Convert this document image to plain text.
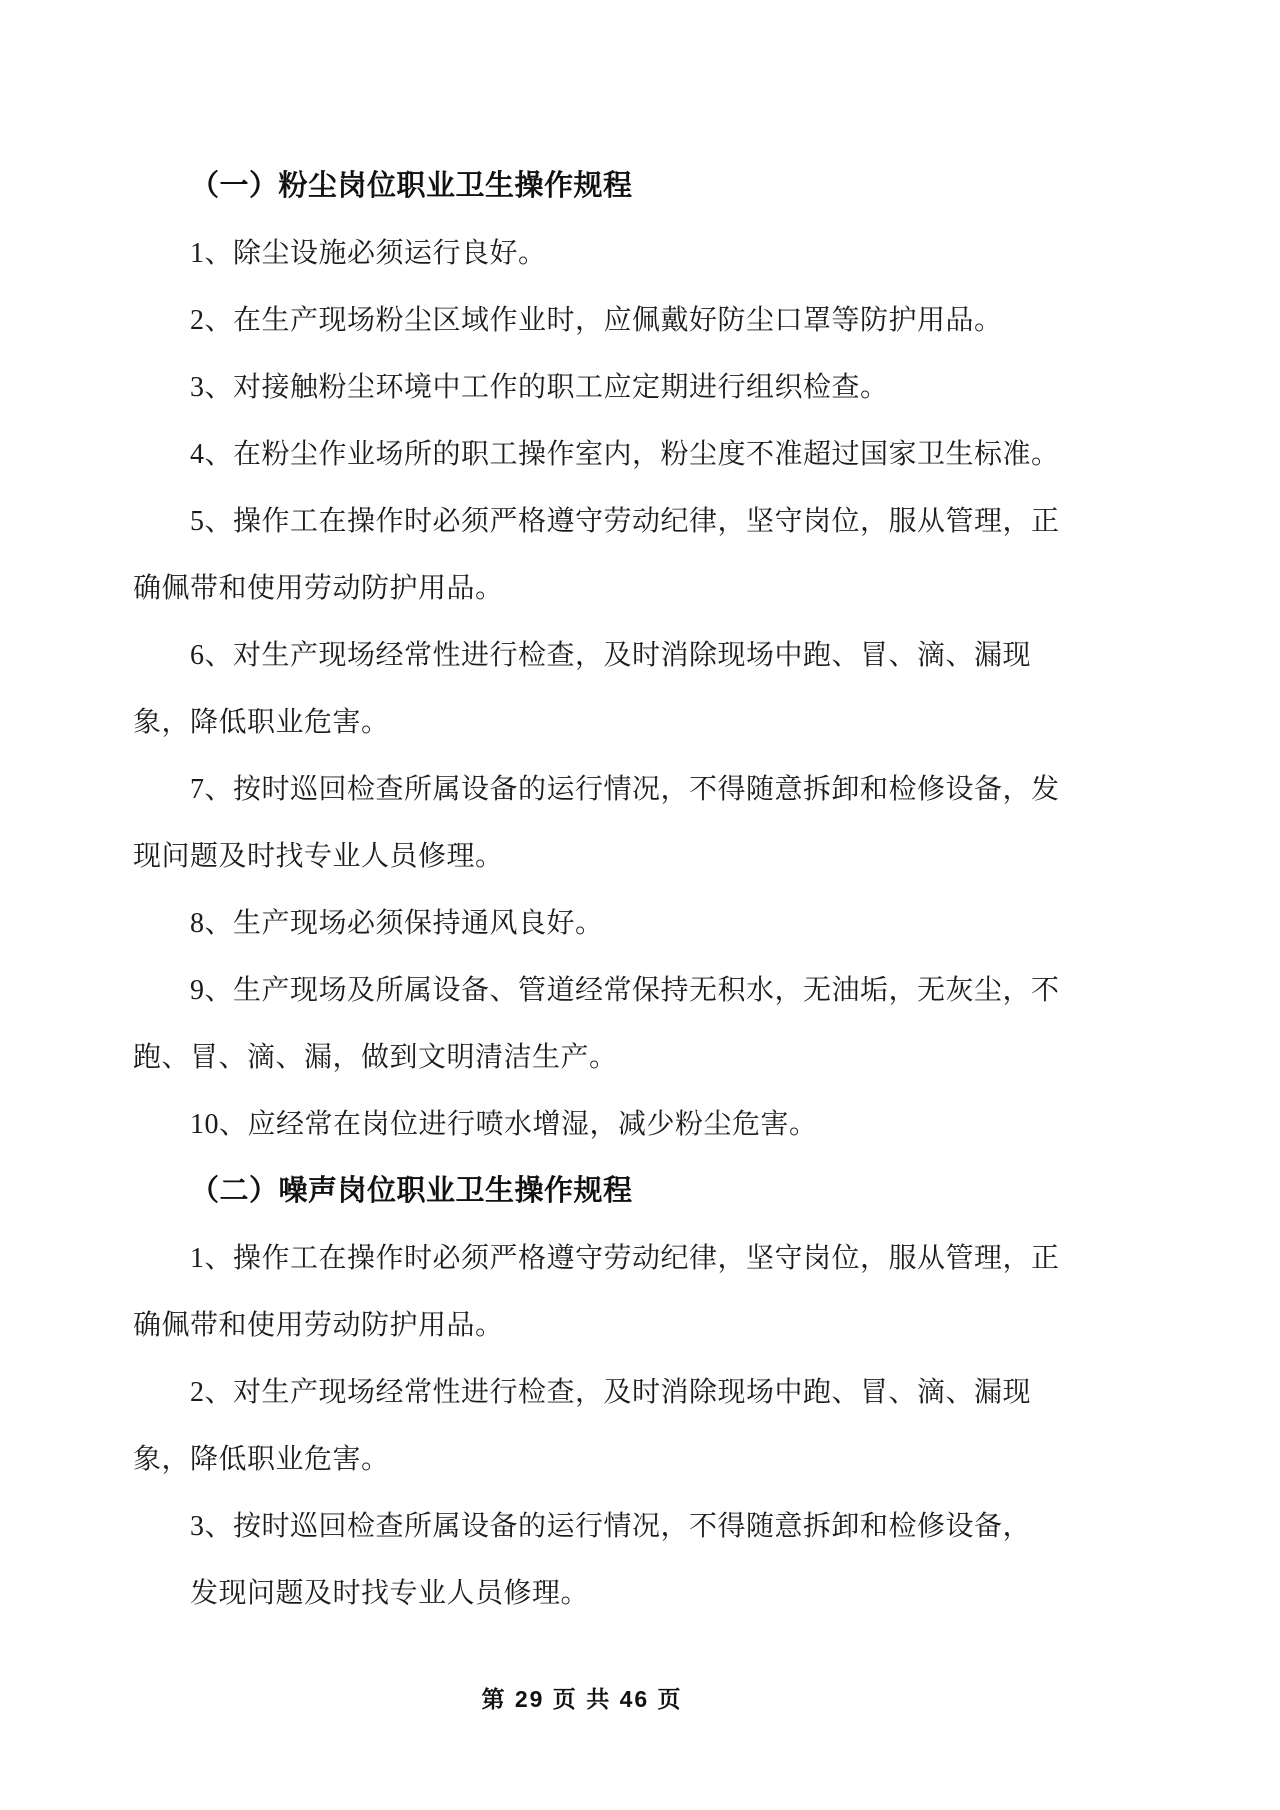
（一）粉尘岗位职业卫生操作规程
1、除尘设施必须运行良好。
2、在生产现场粉尘区域作业时，应佩戴好防尘口罩等防护用品。
3、对接触粉尘环境中工作的职工应定期进行组织检查。
4、在粉尘作业场所的职工操作室内，粉尘度不准超过国家卫生标准。
5、操作工在操作时必须严格遵守劳动纪律，坚守岗位，服从管理，正
确佩带和使用劳动防护用品。
6、对生产现场经常性进行检查，及时消除现场中跑、冒、滴、漏现
象，降低职业危害。
7、按时巡回检查所属设备的运行情况，不得随意拆卸和检修设备，发
现问题及时找专业人员修理。
8、生产现场必须保持通风良好。
9、生产现场及所属设备、管道经常保持无积水，无油垢，无灰尘，不
跑、冒、滴、漏，做到文明清洁生产。
10、应经常在岗位进行喷水增湿，减少粉尘危害。
（二）噪声岗位职业卫生操作规程
1、操作工在操作时必须严格遵守劳动纪律，坚守岗位，服从管理，正
确佩带和使用劳动防护用品。
2、对生产现场经常性进行检查，及时消除现场中跑、冒、滴、漏现
象，降低职业危害。
3、按时巡回检查所属设备的运行情况，不得随意拆卸和检修设备，
发现问题及时找专业人员修理。
第 29 页 共 46 页
